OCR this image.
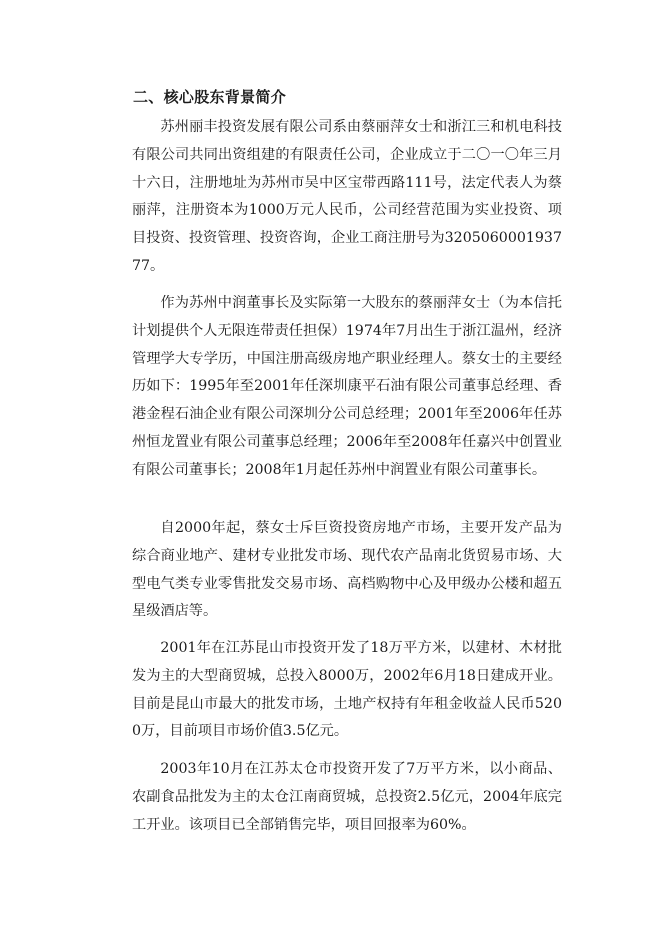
二、核心股东背景简介

苏州丽丰投资发展有限公司系由蔡丽萍女士和浙江三和机电科技有限公司共同出资组建的有限责任公司，企业成立于二〇一〇年三月十六日，注册地址为苏州市吴中区宝带西路111号，法定代表人为蔡丽萍，注册资本为1000万元人民币，公司经营范围为实业投资、项目投资、投资管理、投资咨询，企业工商注册号为320506000193777。

作为苏州中润董事长及实际第一大股东的蔡丽萍女士（为本信托计划提供个人无限连带责任担保）1974年7月出生于浙江温州，经济管理学大专学历，中国注册高级房地产职业经理人。蔡女士的主要经历如下：1995年至2001年任深圳康平石油有限公司董事总经理、香港金程石油企业有限公司深圳分公司总经理；2001年至2006年任苏州恒龙置业有限公司董事总经理；2006年至2008年任嘉兴中创置业有限公司董事长；2008年1月起任苏州中润置业有限公司董事长。

自2000年起，蔡女士斥巨资投资房地产市场，主要开发产品为综合商业地产、建材专业批发市场、现代农产品南北货贸易市场、大型电气类专业零售批发交易市场、高档购物中心及甲级办公楼和超五星级酒店等。

2001年在江苏昆山市投资开发了18万平方米，以建材、木材批发为主的大型商贸城，总投入8000万，2002年6月18日建成开业。目前是昆山市最大的批发市场，土地产权持有年租金收益人民币5200万，目前项目市场价值3.5亿元。

2003年10月在江苏太仓市投资开发了7万平方米，以小商品、农副食品批发为主的太仓江南商贸城，总投资2.5亿元，2004年底完工开业。该项目已全部销售完毕，项目回报率为60%。
